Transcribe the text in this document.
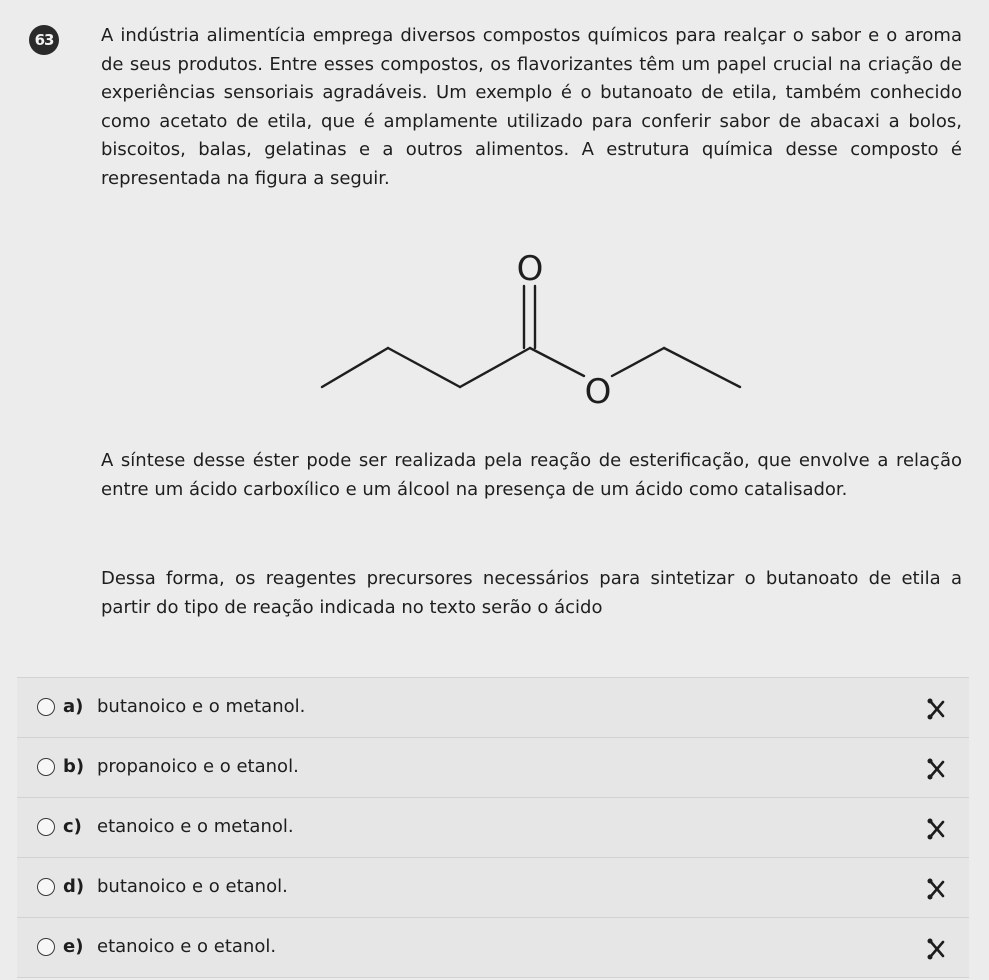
63	A indústria alimentícia emprega diversos compostos químicos para realçar o sabor e o aroma de seus produtos. Entre esses compostos, os flavorizantes têm um papel crucial na criação de experiências sensoriais agradáveis. Um exemplo é o butanoato de etila, também conhecido como acetato de etila, que é amplamente utilizado para conferir sabor de abacaxi a bolos, biscoitos, balas, gelatinas e a outros alimentos. A estrutura química desse composto é representada na figura a seguir.
O
O
A síntese desse éster pode ser realizada pela reação de esterificação, que envolve a relação entre um ácido carboxílico e um álcool na presença de um ácido como catalisador.
Dessa forma, os reagentes precursores necessários para sintetizar o butanoato de etila a partir do tipo de reação indicada no texto serão o ácido
a) butanoico e o metanol.
b) propanoico e o etanol.
c) etanoico e o metanol.
d) butanoico e o etanol.
e) etanoico e o etanol.
